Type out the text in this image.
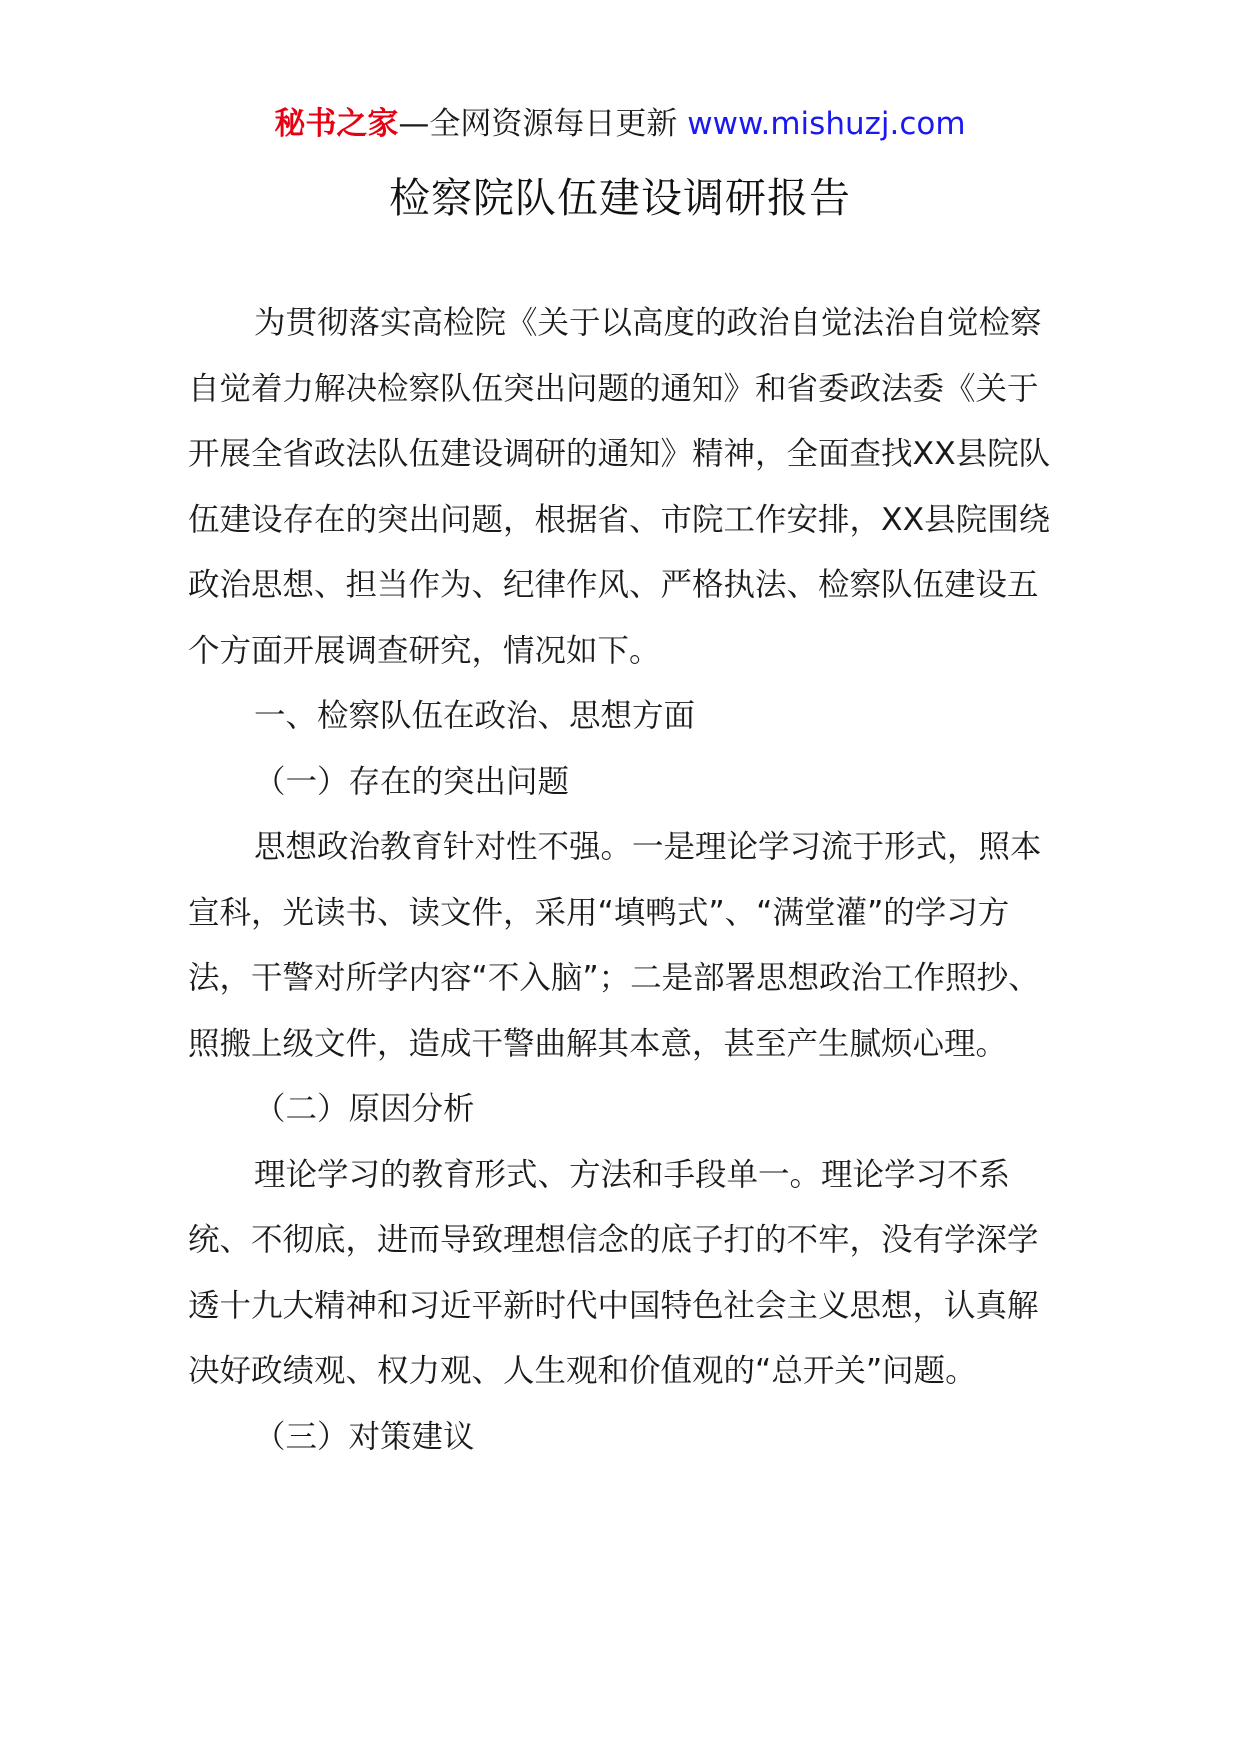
秘书之家—全网资源每日更新 www.mishuzj.com
检察院队伍建设调研报告

为贯彻落实高检院《关于以高度的政治自觉法治自觉检察自觉着力解决检察队伍突出问题的通知》和省委政法委《关于开展全省政法队伍建设调研的通知》精神，全面查找XX县院队伍建设存在的突出问题，根据省、市院工作安排，XX县院围绕政治思想、担当作为、纪律作风、严格执法、检察队伍建设五个方面开展调查研究，情况如下。

一、检察队伍在政治、思想方面

（一）存在的突出问题

思想政治教育针对性不强。一是理论学习流于形式，照本宣科，光读书、读文件，采用“填鸭式”、“满堂灌”的学习方法，干警对所学内容“不入脑”；二是部署思想政治工作照抄、照搬上级文件，造成干警曲解其本意，甚至产生腻烦心理。

（二）原因分析

理论学习的教育形式、方法和手段单一。理论学习不系统、不彻底，进而导致理想信念的底子打的不牢，没有学深学透十九大精神和习近平新时代中国特色社会主义思想，认真解决好政绩观、权力观、人生观和价值观的“总开关”问题。

（三）对策建议
